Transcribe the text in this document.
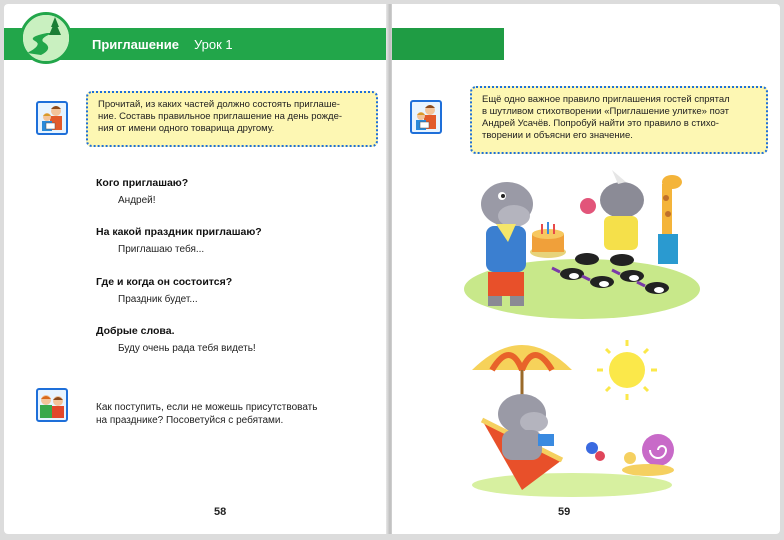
Приглашение Урок 1
Прочитай, из каких частей должно состоять приглаше-
ние. Составь правильное приглашение на день рожде-
ния от имени одного товарища другому.
Кого приглашаю?
Андрей!
На какой праздник приглашаю?
Приглашаю тебя...
Где и когда он состоится?
Праздник будет...
Добрые слова.
Буду очень рада тебя видеть!
Как поступить, если не можешь присутствовать
на празднике? Посоветуйся с ребятами.
58
Ещё одно важное правило приглашения гостей спрятал
в шутливом стихотворении «Приглашение улитке» поэт
Андрей Усачёв. Попробуй найти это правило в стихо-
творении и объясни его значение.
59
